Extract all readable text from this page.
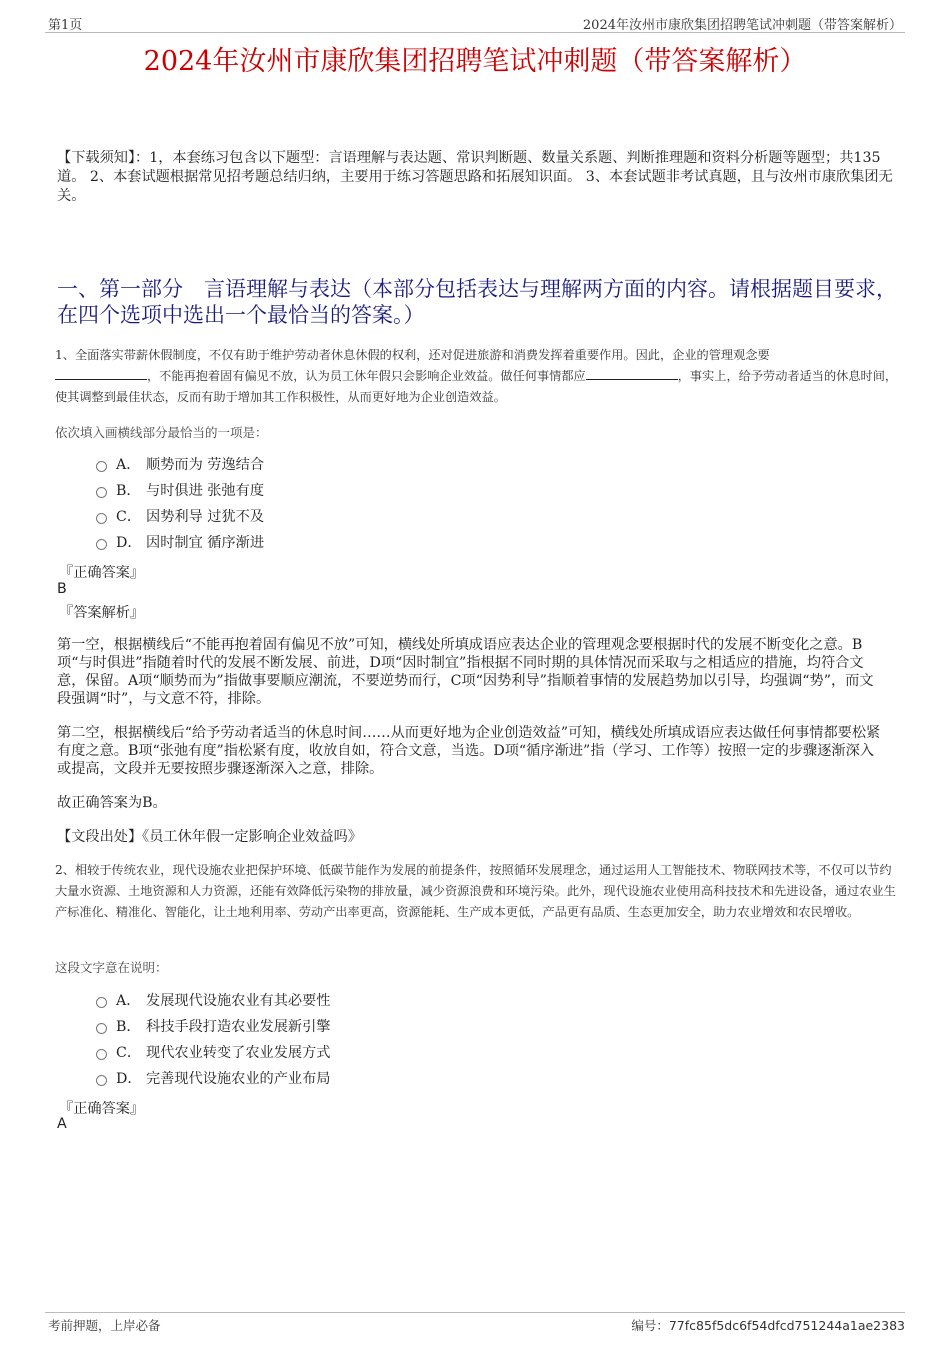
第1页	2024年汝州市康欣集团招聘笔试冲刺题（带答案解析）
2024年汝州市康欣集团招聘笔试冲刺题（带答案解析）
【下载须知】：1，本套练习包含以下题型：言语理解与表达题、常识判断题、数量关系题、判断推理题和资料分析题等题型；共135道。 2、本套试题根据常见招考题总结归纳，主要用于练习答题思路和拓展知识面。 3、本套试题非考试真题，且与汝州市康欣集团无关。
一、第一部分　言语理解与表达（本部分包括表达与理解两方面的内容。请根据题目要求，在四个选项中选出一个最恰当的答案。）
1、全面落实带薪休假制度，不仅有助于维护劳动者休息休假的权利，还对促进旅游和消费发挥着重要作用。因此，企业的管理观念要
，不能再抱着固有偏见不放，认为员工休年假只会影响企业效益。做任何事情都应	，事实上，给予劳动者适当的休息时间，使其调整到最佳状态，反而有助于增加其工作积极性，从而更好地为企业创造效益。
依次填入画横线部分最恰当的一项是：
A． 顺势而为 劳逸结合
B． 与时俱进 张弛有度
C． 因势利导 过犹不及
D． 因时制宜 循序渐进
『正确答案』
B
『答案解析』
第一空，根据横线后“不能再抱着固有偏见不放”可知，横线处所填成语应表达企业的管理观念要根据时代的发展不断变化之意。B项“与时俱进”指随着时代的发展不断发展、前进，D项“因时制宜”指根据不同时期的具体情况而采取与之相适应的措施，均符合文意，保留。A项“顺势而为”指做事要顺应潮流，不要逆势而行，C项“因势利导”指顺着事情的发展趋势加以引导，均强调“势”，而文段强调“时”，与文意不符，排除。
第二空，根据横线后“给予劳动者适当的休息时间……从而更好地为企业创造效益”可知，横线处所填成语应表达做任何事情都要松紧有度之意。B项“张弛有度”指松紧有度，收放自如，符合文意，当选。D项“循序渐进”指（学习、工作等）按照一定的步骤逐渐深入或提高，文段并无要按照步骤逐渐深入之意，排除。
故正确答案为B。
【文段出处】《员工休年假一定影响企业效益吗》
2、相较于传统农业，现代设施农业把保护环境、低碳节能作为发展的前提条件，按照循环发展理念，通过运用人工智能技术、物联网技术等，不仅可以节约大量水资源、土地资源和人力资源，还能有效降低污染物的排放量，减少资源浪费和环境污染。此外，现代设施农业使用高科技技术和先进设备，通过农业生产标准化、精准化、智能化，让土地利用率、劳动产出率更高，资源能耗、生产成本更低，产品更有品质、生态更加安全，助力农业增效和农民增收。
这段文字意在说明：
A． 发展现代设施农业有其必要性
B． 科技手段打造农业发展新引擎
C． 现代农业转变了农业发展方式
D． 完善现代设施农业的产业布局
『正确答案』
A
考前押题，上岸必备	编号：77fc85f5dc6f54dfcd751244a1ae2383
